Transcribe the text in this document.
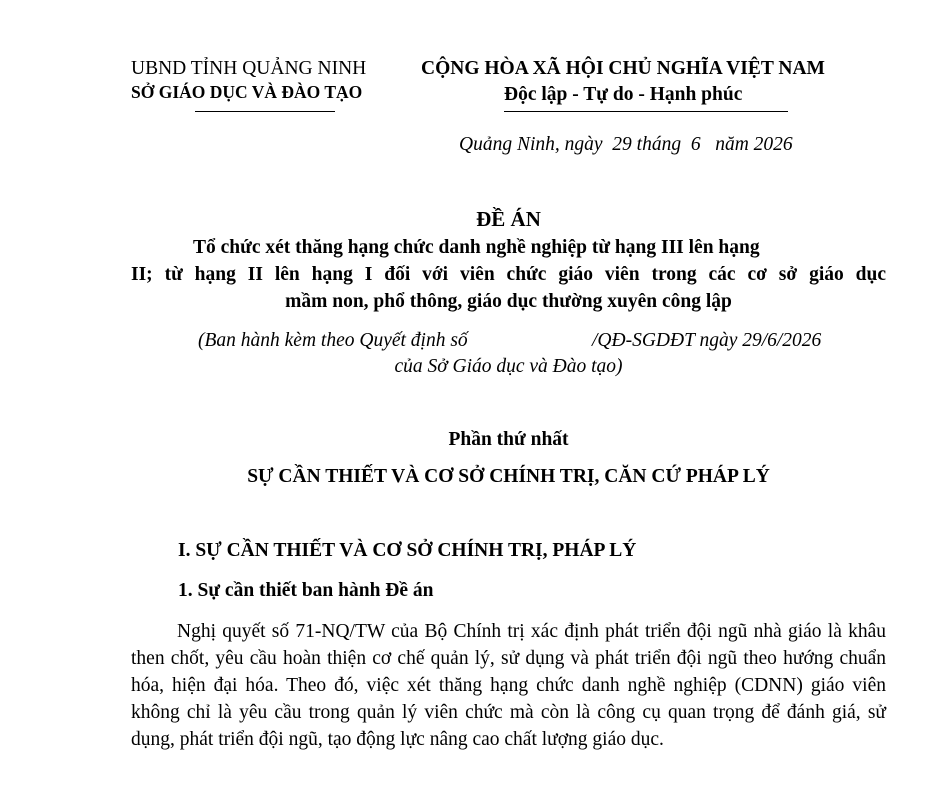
UBND TỈNH QUẢNG NINH
SỞ GIÁO DỤC VÀ ĐÀO TẠO
CỘNG HÒA XÃ HỘI CHỦ NGHĨA VIỆT NAM
Độc lập - Tự do - Hạnh phúc
Quảng Ninh, ngày  29 tháng  6   năm 2026
ĐỀ ÁN
Tổ chức xét thăng hạng chức danh nghề nghiệp từ hạng III lên hạng
II; từ hạng II lên hạng I đối với viên chức giáo viên trong các cơ sở giáo dục
mầm non, phổ thông, giáo dục thường xuyên công lập
(Ban hành kèm theo Quyết định số	/QĐ-SGDĐT ngày 29/6/2026
của Sở Giáo dục và Đào tạo)
Phần thứ nhất
SỰ CẦN THIẾT VÀ CƠ SỞ CHÍNH TRỊ, CĂN CỨ PHÁP LÝ
I. SỰ CẦN THIẾT VÀ CƠ SỞ CHÍNH TRỊ, PHÁP LÝ
1. Sự cần thiết ban hành Đề án
Nghị quyết số 71-NQ/TW của Bộ Chính trị xác định phát triển đội ngũ nhà giáo là khâu then chốt, yêu cầu hoàn thiện cơ chế quản lý, sử dụng và phát triển đội ngũ theo hướng chuẩn hóa, hiện đại hóa. Theo đó, việc xét thăng hạng chức danh nghề nghiệp (CDNN) giáo viên không chỉ là yêu cầu trong quản lý viên chức mà còn là công cụ quan trọng để đánh giá, sử dụng, phát triển đội ngũ, tạo động lực nâng cao chất lượng giáo dục.
